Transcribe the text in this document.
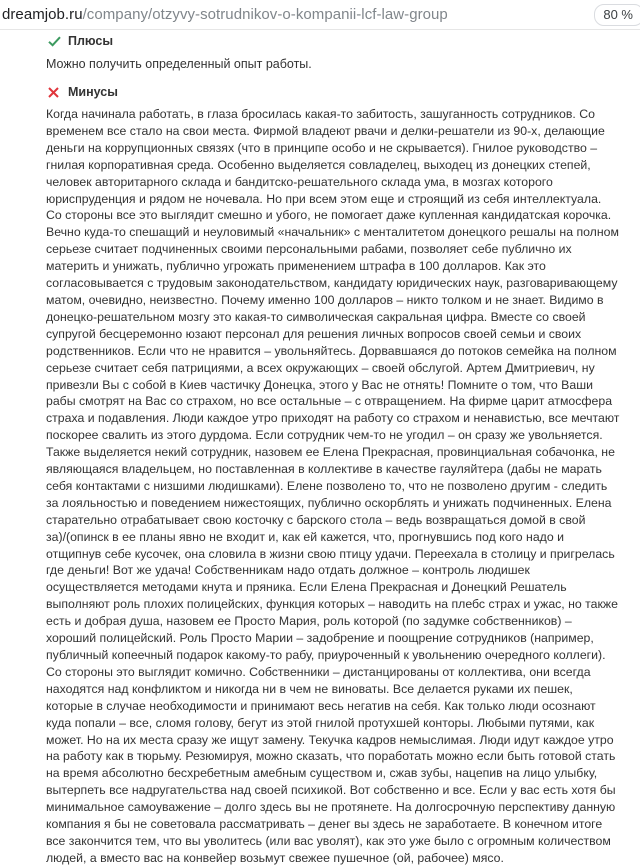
dreamjob.ru/company/otzyvy-sotrudnikov-o-kompanii-lcf-law-group	80 %
Плюсы

Можно получить определенный опыт работы.

Минусы

Когда начинала работать, в глаза бросилась какая-то забитость, зашуганность сотрудников. Со временем все стало на свои места. Фирмой владеют рвачи и делки-решатели из 90-х, делающие деньги на коррупционных связях (что в принципе особо и не скрывается). Гнилое руководство – гнилая корпоративная среда. Особенно выделяется совладелец, выходец из донецких степей, человек авторитарного склада и бандитско-решательного склада ума, в мозгах которого юриспруденция и рядом не ночевала. Но при всем этом еще и строящий из себя интеллектуала. Со стороны все это выглядит смешно и убого, не помогает даже купленная кандидатская корочка. Вечно куда-то спешащий и неуловимый «начальник» с менталитетом донецкого решалы на полном серьезе считает подчиненных своими персональными рабами, позволяет себе публично их материть и унижать, публично угрожать применением штрафа в 100 долларов. Как это согласовывается с трудовым законодательством, кандидату юридических наук, разговаривающему матом, очевидно, неизвестно. Почему именно 100 долларов – никто толком и не знает. Видимо в донецко-решательном мозгу это какая-то символическая сакральная цифра. Вместе со своей супругой бесцеремонно юзают персонал для решения личных вопросов своей семьи и своих родственников. Если что не нравится – увольняйтесь. Дорвавшаяся до потоков семейка на полном серьезе считает себя патрициями, а всех окружающих – своей обслугой. Артем Дмитриевич, ну привезли Вы с собой в Киев частичку Донецка, этого у Вас не отнять! Помните о том, что Ваши рабы смотрят на Вас со страхом, но все остальные – с отвращением. На фирме царит атмосфера страха и подавления. Люди каждое утро приходят на работу со страхом и ненавистью, все мечтают поскорее свалить из этого дурдома. Если сотрудник чем-то не угодил – он сразу же увольняется. Также выделяется некий сотрудник, назовем ее Елена Прекрасная, провинциальная собачонка, не являющаяся владельцем, но поставленная в коллективе в качестве гауляйтера (дабы не марать себя контактами с низшими людишками). Елене позволено то, что не позволено другим - следить за лояльностью и поведением нижестоящих, публично оскорблять и унижать подчиненных. Елена старательно отрабатывает свою косточку с барского стола – ведь возвращаться домой в свой за)/(опинск в ее планы явно не входит и, как ей кажется, что, прогнувшись под кого надо и отщипнув себе кусочек, она словила в жизни свою птицу удачи. Переехала в столицу и пригрелась где деньги! Вот же удача! Собственникам надо отдать должное – контроль людишек осуществляется методами кнута и пряника. Если Елена Прекрасная и Донецкий Решатель выполняют роль плохих полицейских, функция которых – наводить на плебс страх и ужас, но также есть и добрая душа, назовем ее Просто Мария, роль которой (по задумке собственников) – хороший полицейский. Роль Просто Марии – задобрение и поощрение сотрудников (например, публичный копеечный подарок какому-то рабу, приуроченный к увольнению очередного коллеги). Со стороны это выглядит комично. Собственники – дистанцированы от коллектива, они всегда находятся над конфликтом и никогда ни в чем не виноваты. Все делается руками их пешек, которые в случае необходимости и принимают весь негатив на себя. Как только люди осознают куда попали – все, сломя голову, бегут из этой гнилой протухшей конторы. Любыми путями, как может. Но на их места сразу же ищут замену. Текучка кадров немыслимая. Люди идут каждое утро на работу как в тюрьму. Резюмируя, можно сказать, что поработать можно если быть готовой стать на время абсолютно бесхребетным амебным существом и, сжав зубы, нацепив на лицо улыбку, вытерпеть все надругательства над своей психикой. Вот собственно и все. Если у вас есть хотя бы минимальное самоуважение – долго здесь вы не протянете. На долгосрочную перспективу данную компания я бы не советовала рассматривать – денег вы здесь не заработаете. В конечном итоге все закончится тем, что вы уволитесь (или вас уволят), как это уже было с огромным количеством людей, а вместо вас на конвейер возьмут свежее пушечное (ой, рабочее) мясо.
